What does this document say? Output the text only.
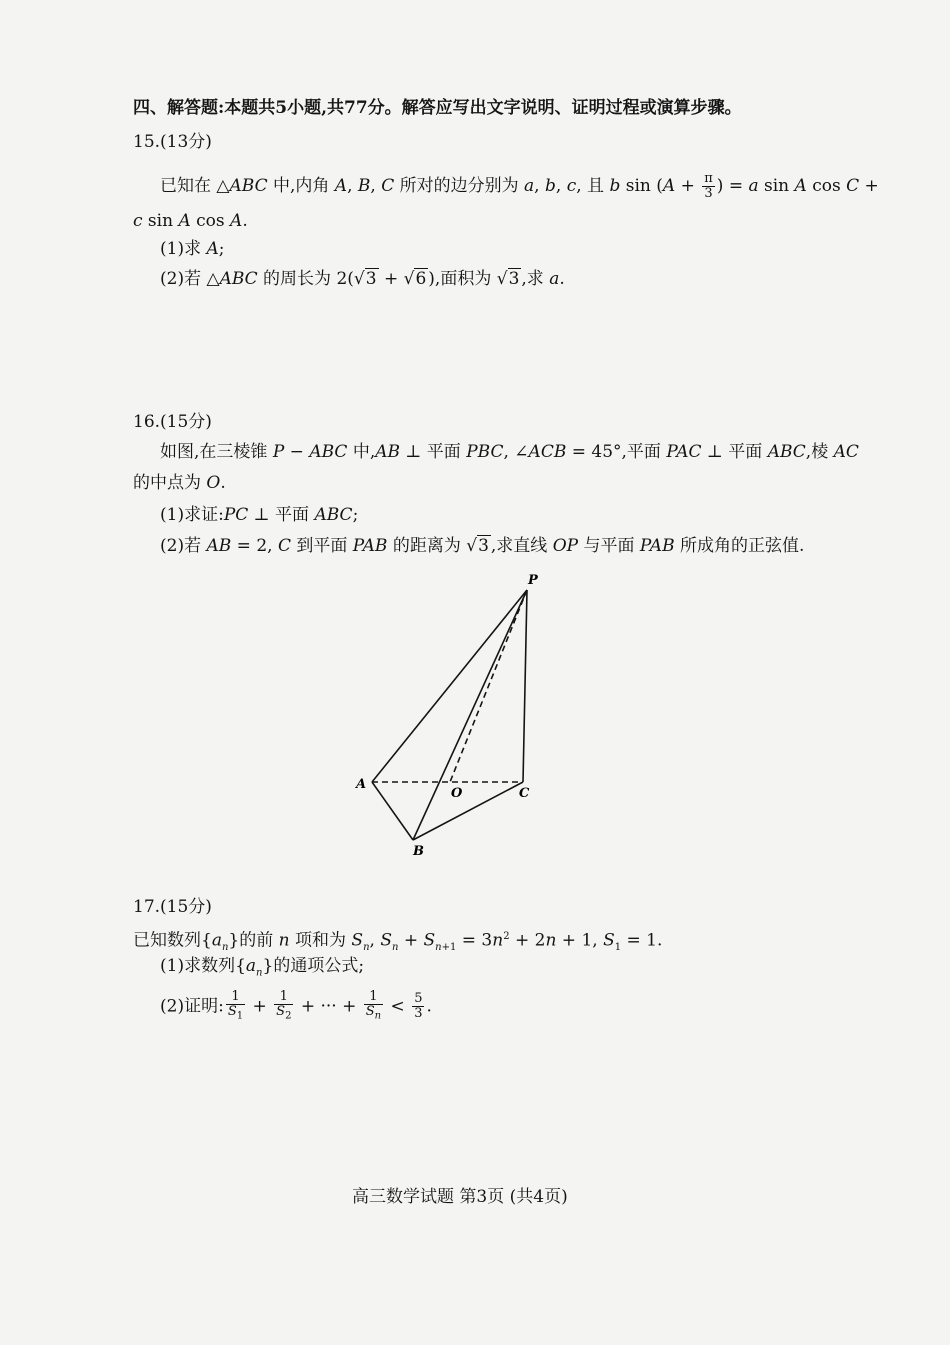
四、解答题:本题共5小题,共77分。解答应写出文字说明、证明过程或演算步骤。
15.(13分)
已知在 △ABC 中,内角 A, B, C 所对的边分别为 a, b, c, 且 b $\sin (A + \frac{\pi}{3}$ ) = a sin A cos C +
c sin A cos A.
(1)求 A;
(2)若 △ABC 的周长为 2(√3 + √6 ),面积为 √3 ,求 a.
16.(15分)
如图,在三棱锥 P − ABC 中,AB ⊥ 平面 PBC, ∠ACB = 45°,平面 PAC ⊥ 平面 ABC,棱 AC
的中点为 O.
(1)求证:PC ⊥ 平面 ABC;
(2)若 AB = 2, C 到平面 PAB 的距离为 √3 ,求直线 OP 与平面 PAB 所成角的正弦值.
P
A
O	C
B
17.(15分)
已知数列$\{a_n\}$的前 n 项和为 $S_n$, $S_n + S_{n+1} = 3n^2 + 2n + 1$, $S_1 = 1$.
(1)求数列$\{a_n\}$的通项公式;
(2)证明: $\frac{1}{S_1} + \frac{1}{S_2}$ + ··· + $\frac{1}{S_n} < \frac{5}{3}$ .
高三数学试题 第3页 (共4页)
